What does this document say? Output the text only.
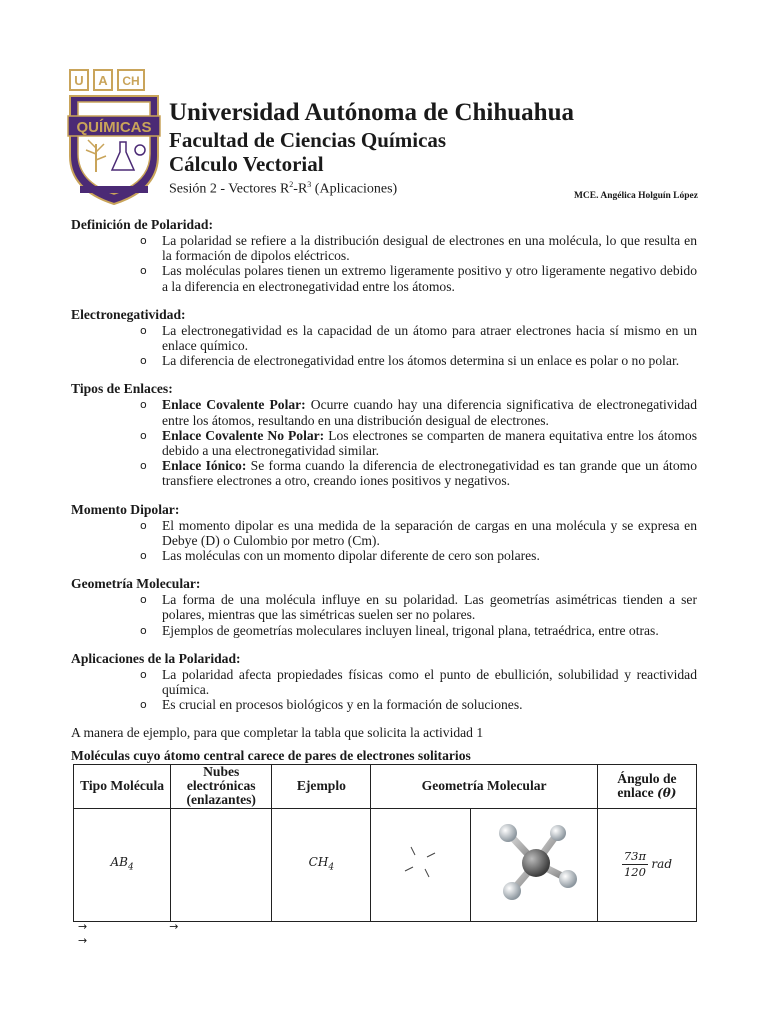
U A CH
QUÍMICAS
Universidad Autónoma de Chihuahua
Facultad de Ciencias Químicas
Cálculo Vectorial
Sesión 2 - Vectores $R^2-R^3$ (Aplicaciones)	MCE. Angélica Holguín López
Definición de Polaridad:
o La polaridad se refiere a la distribución desigual de electrones en una molécula, lo que resulta en la formación de dipolos eléctricos.
o Las moléculas polares tienen un extremo ligeramente positivo y otro ligeramente negativo debido a la diferencia en electronegatividad entre los átomos.
Electronegatividad:
o La electronegatividad es la capacidad de un átomo para atraer electrones hacia sí mismo en un enlace químico.
o La diferencia de electronegatividad entre los átomos determina si un enlace es polar o no polar.
Tipos de Enlaces:
o Enlace Covalente Polar: Ocurre cuando hay una diferencia significativa de electronegatividad entre los átomos, resultando en una distribución desigual de electrones.
o Enlace Covalente No Polar: Los electrones se comparten de manera equitativa entre los átomos debido a una electronegatividad similar.
o Enlace Iónico: Se forma cuando la diferencia de electronegatividad es tan grande que un átomo transfiere electrones a otro, creando iones positivos y negativos.
Momento Dipolar:
o El momento dipolar es una medida de la separación de cargas en una molécula y se expresa en Debye (D) o Culombio por metro (Cm).
o Las moléculas con un momento dipolar diferente de cero son polares.
Geometría Molecular:
o La forma de una molécula influye en su polaridad. Las geometrías asimétricas tienden a ser polares, mientras que las simétricas suelen ser no polares.
o Ejemplos de geometrías moleculares incluyen lineal, trigonal plana, tetraédrica, entre otras.
Aplicaciones de la Polaridad:
o La polaridad afecta propiedades físicas como el punto de ebullición, solubilidad y reactividad química.
o Es crucial en procesos biológicos y en la formación de soluciones.
A manera de ejemplo, para que completar la tabla que solicita la actividad 1
Moléculas cuyo átomo central carece de pares de electrones solitarios
Tipo Molécula	Nubes electrónicas (enlazantes)	Ejemplo	Geometría Molecular		Ángulo de enlace (θ)
$AB_4$		$CH_4$			$\frac{73\pi}{120}$ rad
→	→
→
